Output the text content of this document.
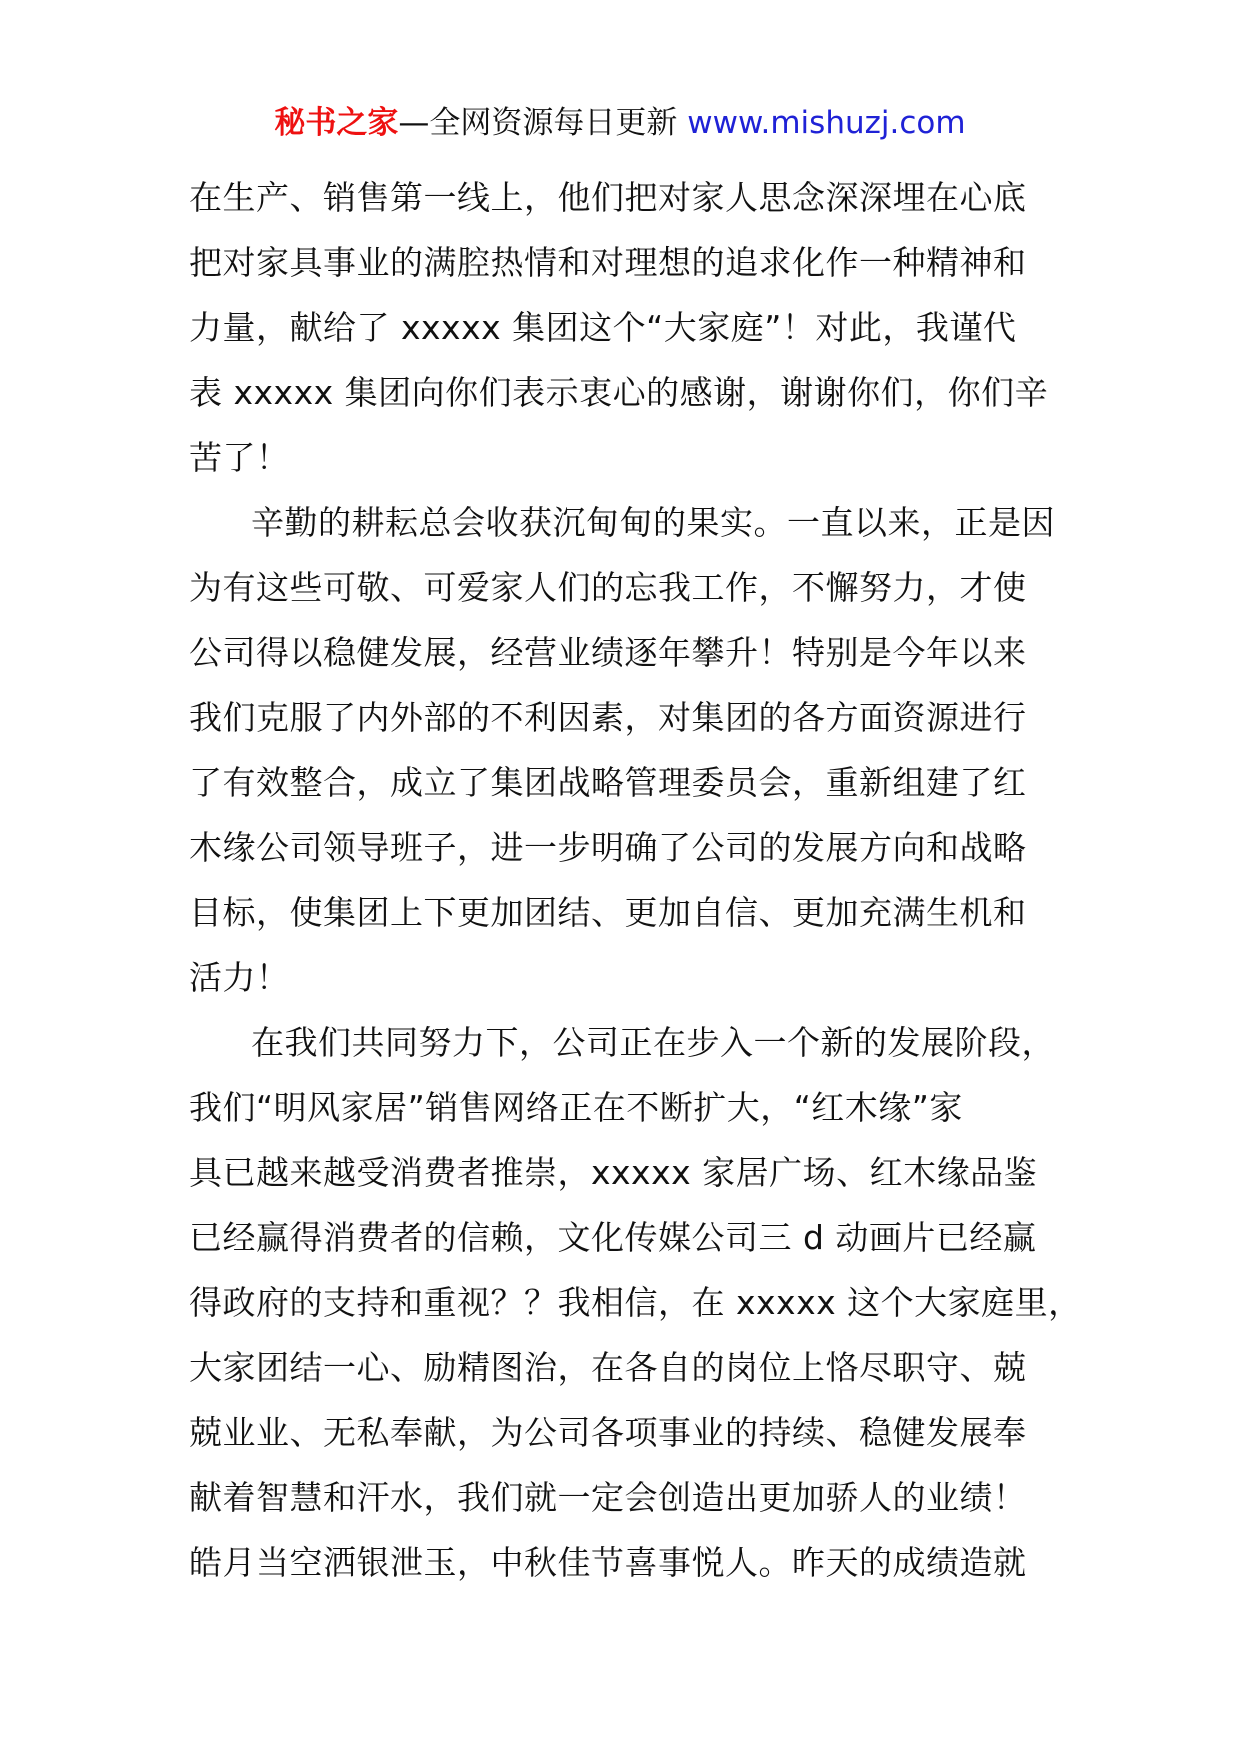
秘书之家—全网资源每日更新 www.mishuzj.com
在生产、销售第一线上，他们把对家人思念深深埋在心底
把对家具事业的满腔热情和对理想的追求化作一种精神和
力量，献给了 xxxxx 集团这个“大家庭”！对此，我谨代
表 xxxxx 集团向你们表示衷心的感谢，谢谢你们，你们辛
苦了！
辛勤的耕耘总会收获沉甸甸的果实。一直以来，正是因
为有这些可敬、可爱家人们的忘我工作，不懈努力，才使
公司得以稳健发展，经营业绩逐年攀升！特别是今年以来
我们克服了内外部的不利因素，对集团的各方面资源进行
了有效整合，成立了集团战略管理委员会，重新组建了红
木缘公司领导班子，进一步明确了公司的发展方向和战略
目标，使集团上下更加团结、更加自信、更加充满生机和
活力！
在我们共同努力下，公司正在步入一个新的发展阶段，
我们“明风家居”销售网络正在不断扩大，“红木缘”家
具已越来越受消费者推崇，xxxxx 家居广场、红木缘品鉴
已经赢得消费者的信赖，文化传媒公司三 d 动画片已经赢
得政府的支持和重视？？我相信，在 xxxxx 这个大家庭里，
大家团结一心、励精图治，在各自的岗位上恪尽职守、兢
兢业业、无私奉献，为公司各项事业的持续、稳健发展奉
献着智慧和汗水，我们就一定会创造出更加骄人的业绩！
皓月当空洒银泄玉，中秋佳节喜事悦人。昨天的成绩造就
